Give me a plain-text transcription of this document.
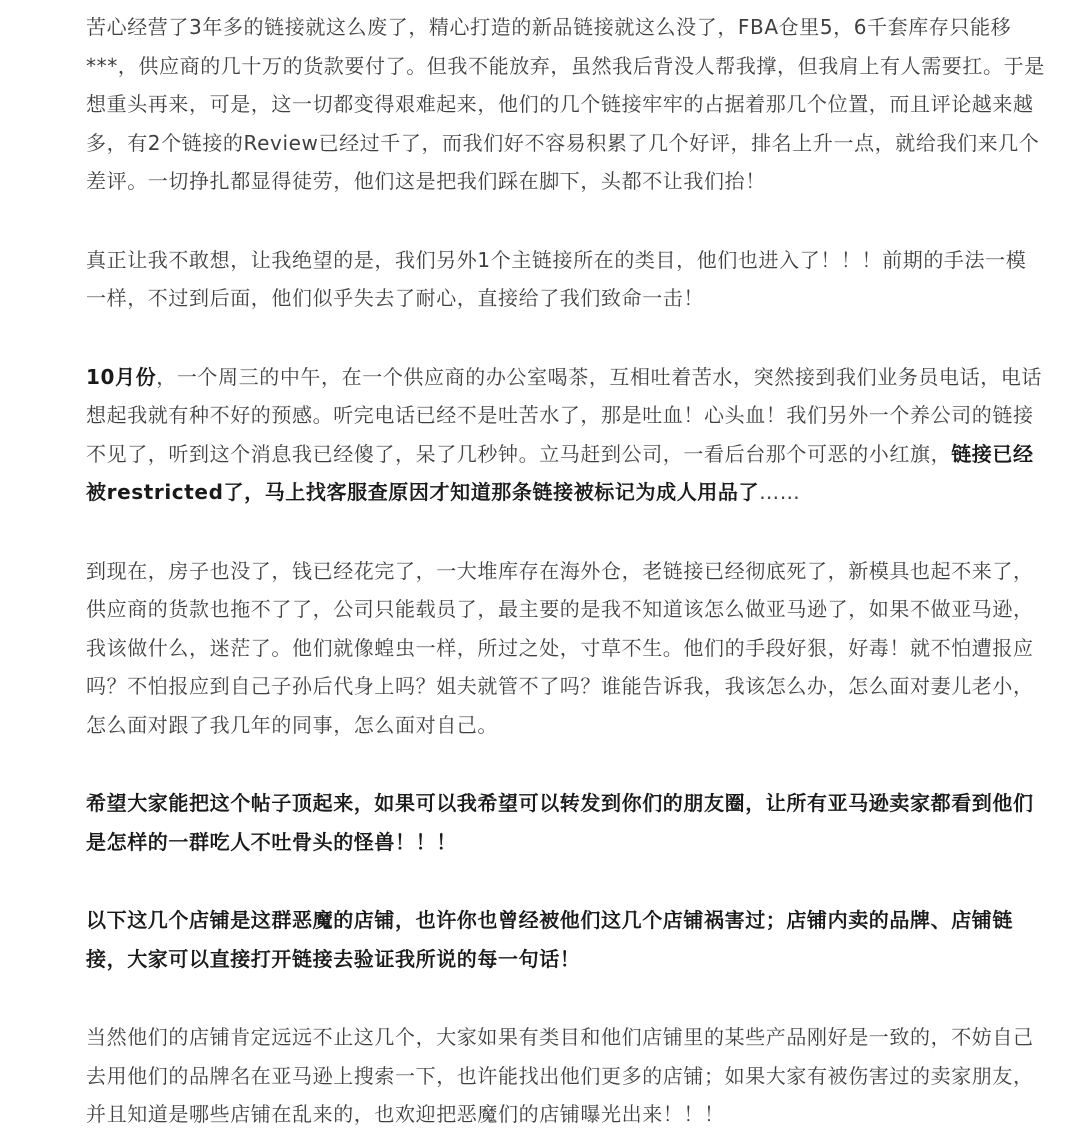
苦心经营了3年多的链接就这么废了，精心打造的新品链接就这么没了，FBA仓里5，6千套库存只能移
***，供应商的几十万的货款要付了。但我不能放弃，虽然我后背没人帮我撑，但我肩上有人需要扛。于是
想重头再来，可是，这一切都变得艰难起来，他们的几个链接牢牢的占据着那几个位置，而且评论越来越
多，有2个链接的Review已经过千了，而我们好不容易积累了几个好评，排名上升一点，就给我们来几个
差评。一切挣扎都显得徒劳，他们这是把我们踩在脚下，头都不让我们抬！
真正让我不敢想，让我绝望的是，我们另外1个主链接所在的类目，他们也进入了！！！前期的手法一模
一样，不过到后面，他们似乎失去了耐心，直接给了我们致命一击！
10月份，一个周三的中午，在一个供应商的办公室喝茶，互相吐着苦水，突然接到我们业务员电话，电话
想起我就有种不好的预感。听完电话已经不是吐苦水了，那是吐血！心头血！我们另外一个养公司的链接
不见了，听到这个消息我已经傻了，呆了几秒钟。立马赶到公司，一看后台那个可恶的小红旗，链接已经
被restricted了，马上找客服查原因才知道那条链接被标记为成人用品了……
到现在，房子也没了，钱已经花完了，一大堆库存在海外仓，老链接已经彻底死了，新模具也起不来了，
供应商的货款也拖不了了，公司只能载员了，最主要的是我不知道该怎么做亚马逊了，如果不做亚马逊，
我该做什么，迷茫了。他们就像蝗虫一样，所过之处，寸草不生。他们的手段好狠，好毒！就不怕遭报应
吗？不怕报应到自己子孙后代身上吗？姐夫就管不了吗？谁能告诉我，我该怎么办，怎么面对妻儿老小，
怎么面对跟了我几年的同事，怎么面对自己。
希望大家能把这个帖子顶起来，如果可以我希望可以转发到你们的朋友圈，让所有亚马逊卖家都看到他们
是怎样的一群吃人不吐骨头的怪兽！！！
以下这几个店铺是这群恶魔的店铺，也许你也曾经被他们这几个店铺祸害过；店铺内卖的品牌、店铺链
接，大家可以直接打开链接去验证我所说的每一句话！
当然他们的店铺肯定远远不止这几个，大家如果有类目和他们店铺里的某些产品刚好是一致的，不妨自己
去用他们的品牌名在亚马逊上搜索一下，也许能找出他们更多的店铺；如果大家有被伤害过的卖家朋友，
并且知道是哪些店铺在乱来的，也欢迎把恶魔们的店铺曝光出来！！！
